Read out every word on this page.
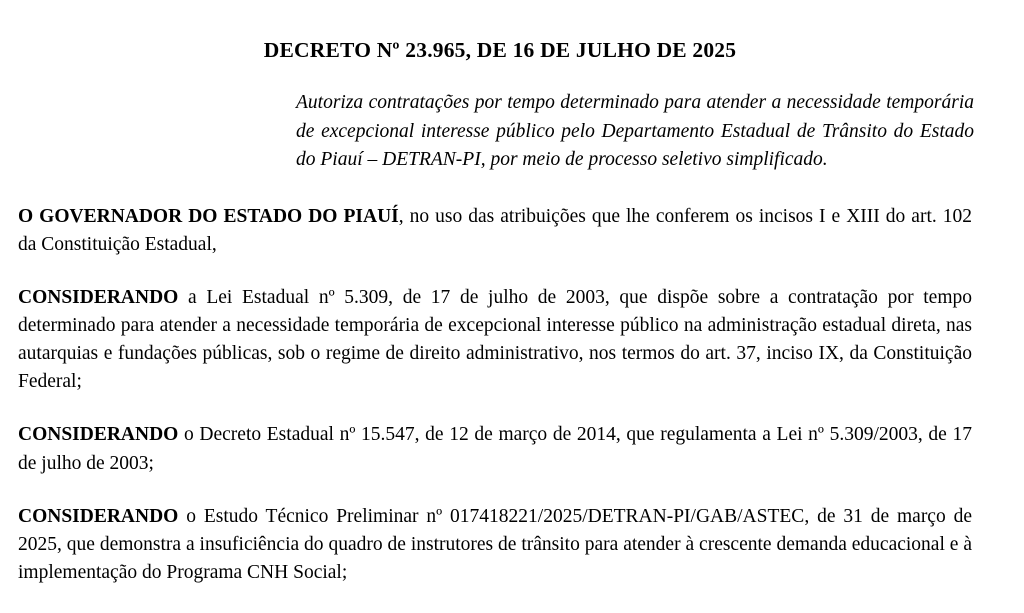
DECRETO Nº 23.965, DE 16 DE JULHO DE 2025
Autoriza contratações por tempo determinado para atender a necessidade temporária de excepcional interesse público pelo Departamento Estadual de Trânsito do Estado do Piauí – DETRAN-PI, por meio de processo seletivo simplificado.

O GOVERNADOR DO ESTADO DO PIAUÍ, no uso das atribuições que lhe conferem os incisos I e XIII do art. 102 da Constituição Estadual,

CONSIDERANDO a Lei Estadual nº 5.309, de 17 de julho de 2003, que dispõe sobre a contratação por tempo determinado para atender a necessidade temporária de excepcional interesse público na administração estadual direta, nas autarquias e fundações públicas, sob o regime de direito administrativo, nos termos do art. 37, inciso IX, da Constituição Federal;

CONSIDERANDO o Decreto Estadual nº 15.547, de 12 de março de 2014, que regulamenta a Lei nº 5.309/2003, de 17 de julho de 2003;

CONSIDERANDO o Estudo Técnico Preliminar nº 017418221/2025/DETRAN-PI/GAB/ASTEC, de 31 de março de 2025, que demonstra a insuficiência do quadro de instrutores de trânsito para atender à crescente demanda educacional e à implementação do Programa CNH Social;
